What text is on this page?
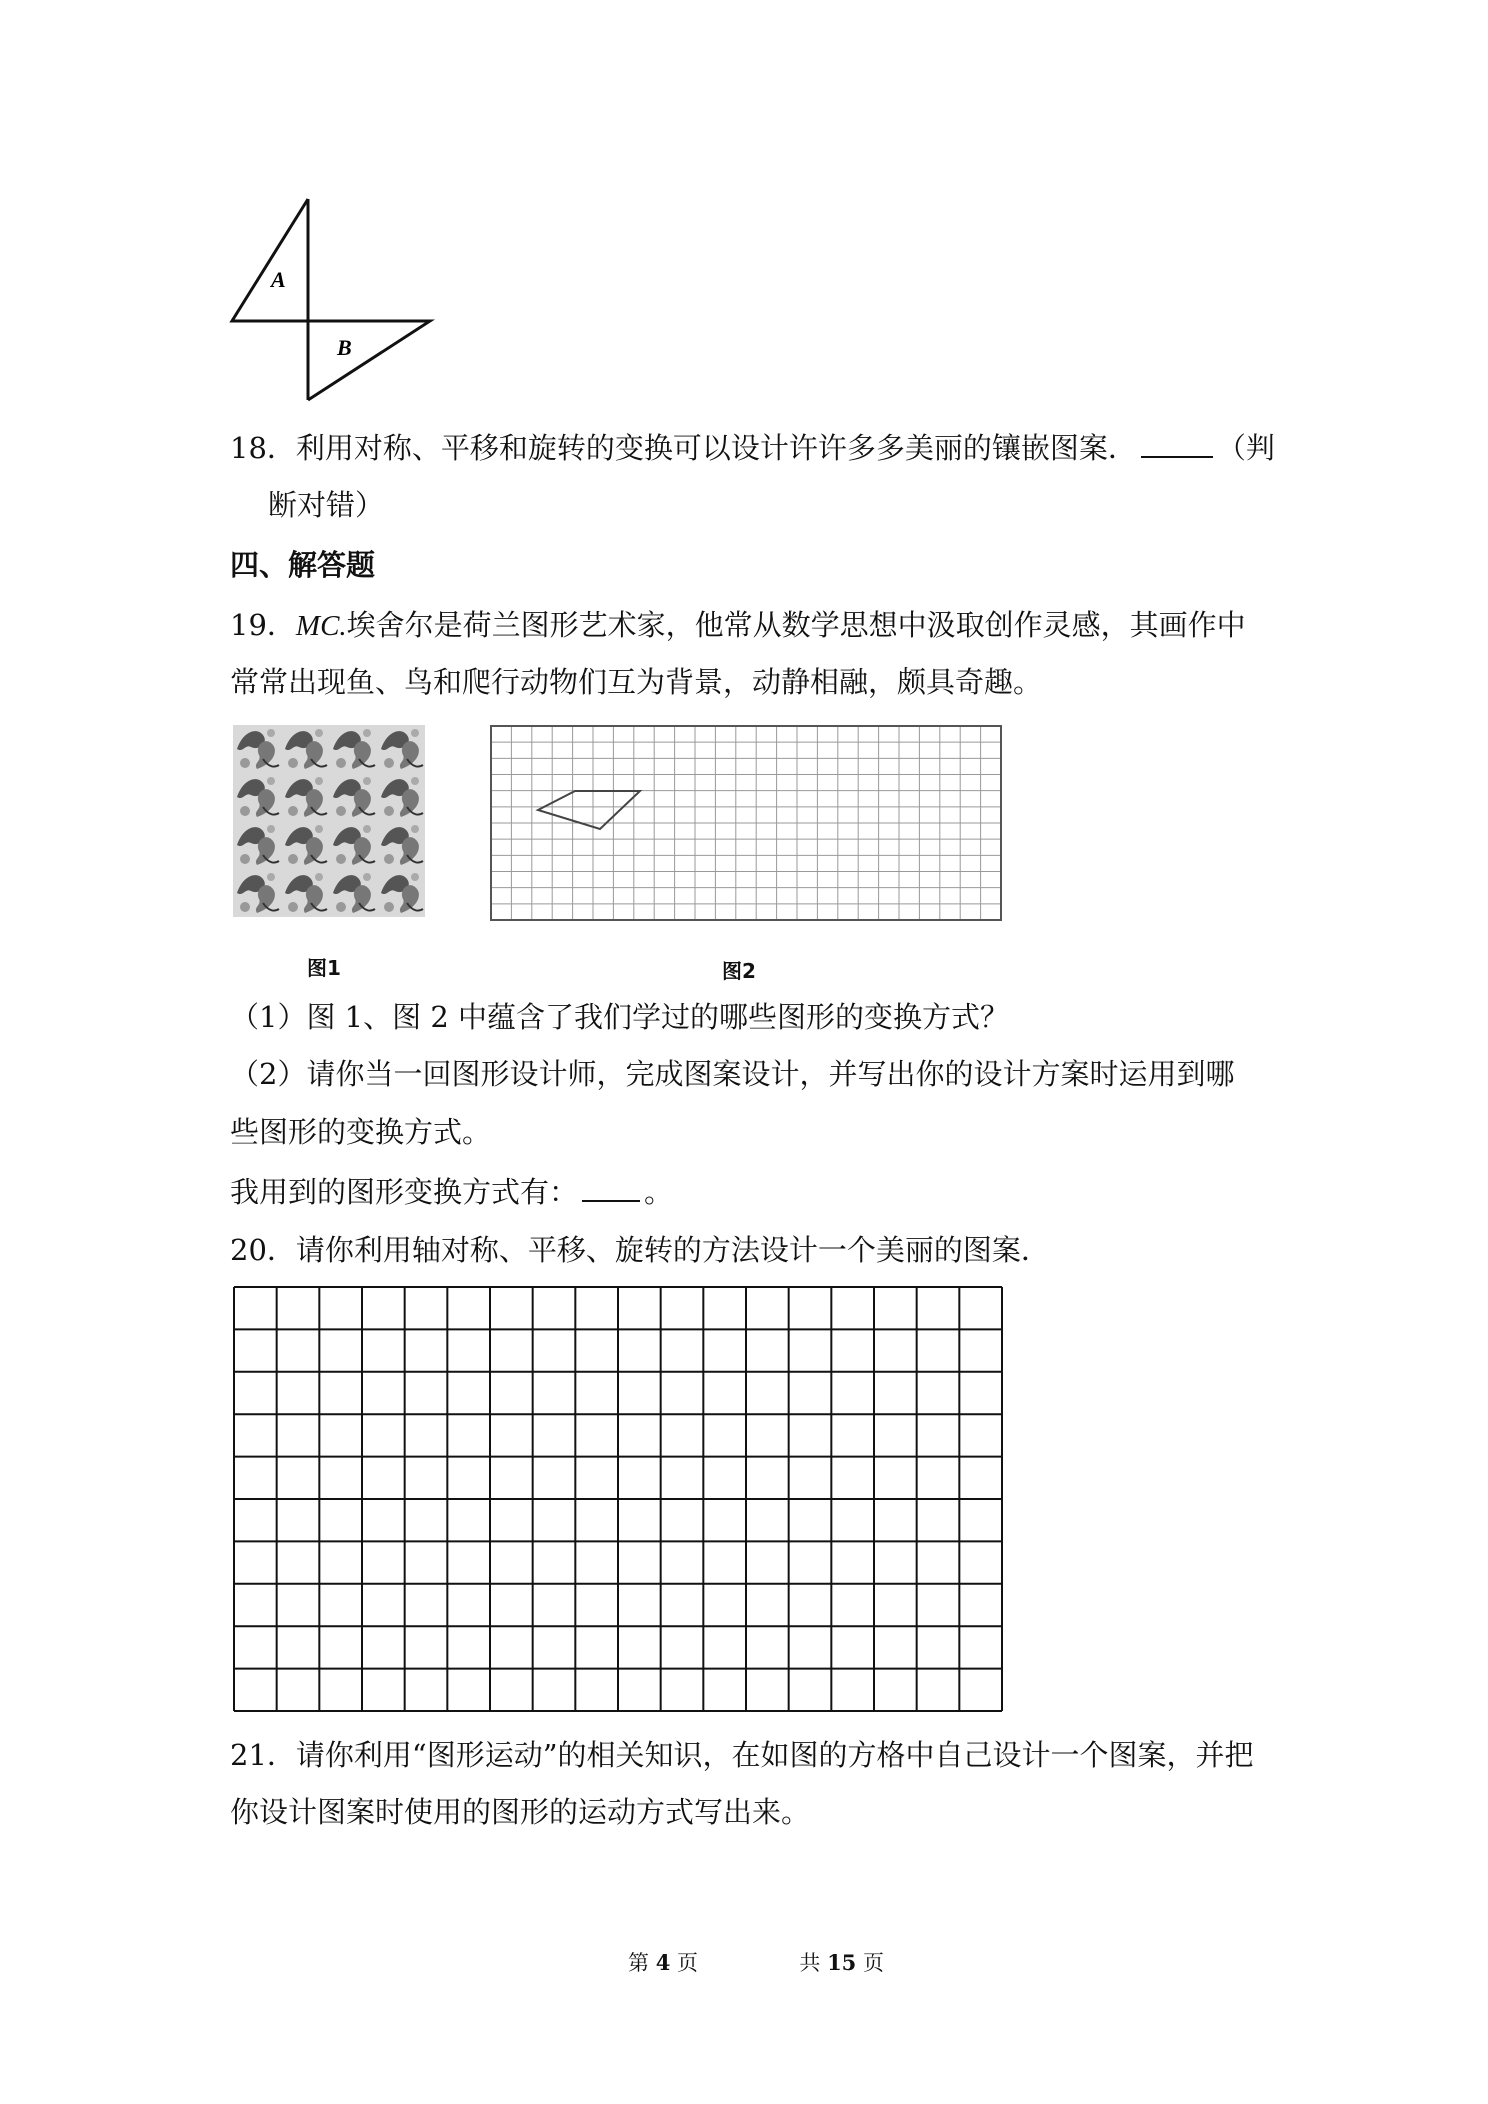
A
B
18．利用对称、平移和旋转的变换可以设计许许多多美丽的镶嵌图案．	（判
断对错）
四、解答题
19．MC.埃舍尔是荷兰图形艺术家，他常从数学思想中汲取创作灵感，其画作中
常常出现鱼、鸟和爬行动物们互为背景，动静相融，颇具奇趣。
图1	图2
（1）图 1、图 2 中蕴含了我们学过的哪些图形的变换方式？
（2）请你当一回图形设计师，完成图案设计，并写出你的设计方案时运用到哪
些图形的变换方式。
我用到的图形变换方式有： 。
20．请你利用轴对称、平移、旋转的方法设计一个美丽的图案．
21．请你利用“图形运动”的相关知识，在如图的方格中自己设计一个图案，并把
你设计图案时使用的图形的运动方式写出来。
第 4 页	共 15 页
